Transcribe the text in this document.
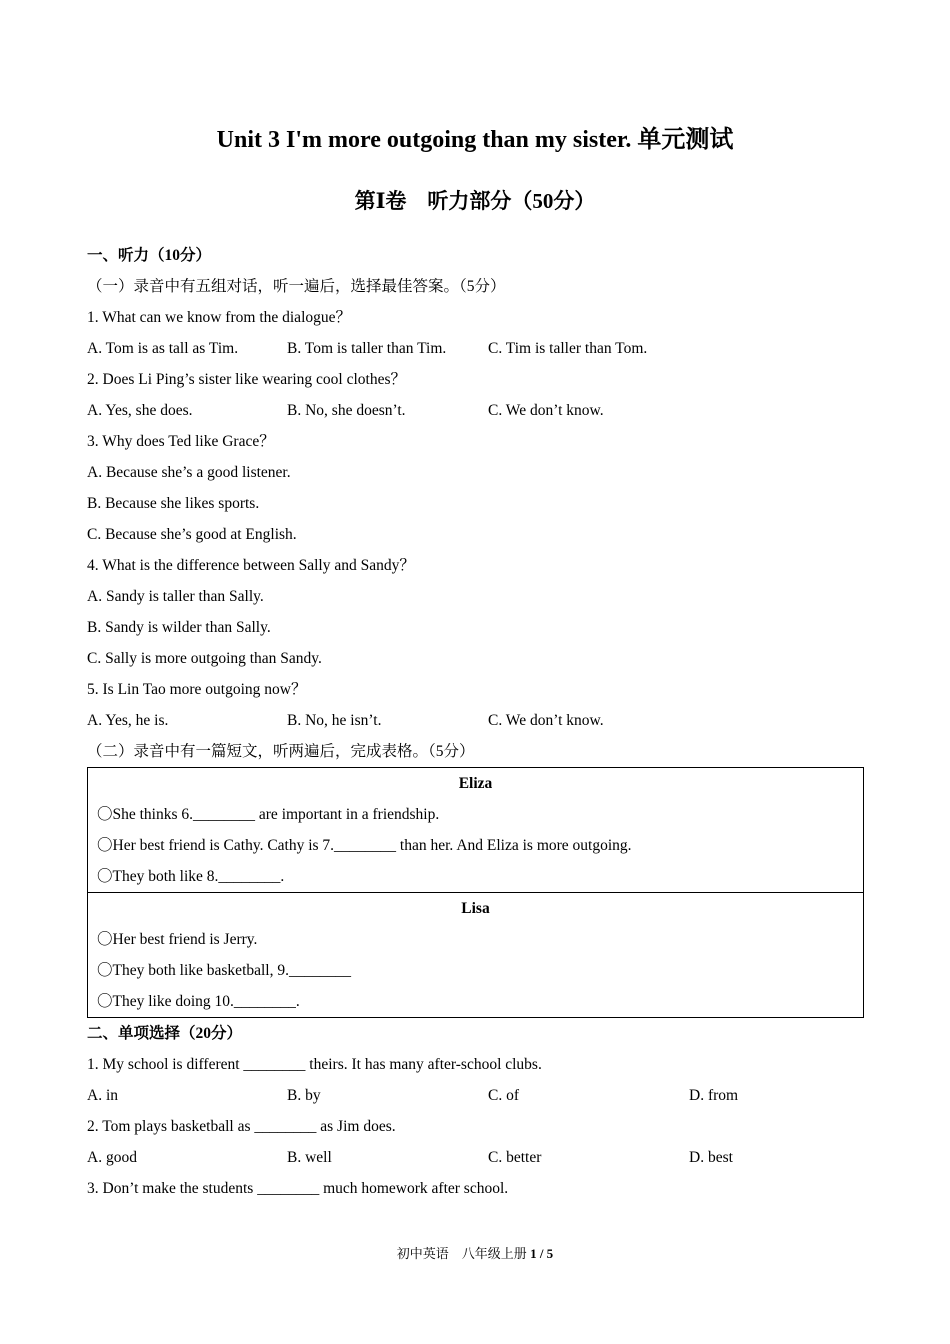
Unit 3 I'm more outgoing than my sister. 单元测试
第Ⅰ卷　听力部分（50分）
一、听力（10分）
（一）录音中有五组对话，听一遍后，选择最佳答案。（5分）
1. What can we know from the dialogue？
A. Tom is as tall as Tim.	B. Tom is taller than Tim.	C. Tim is taller than Tom.
2. Does Li Ping’s sister like wearing cool clothes？
A. Yes, she does.	B. No, she doesn’t.	C. We don’t know.
3. Why does Ted like Grace？
A. Because she’s a good listener.
B. Because she likes sports.
C. Because she’s good at English.
4. What is the difference between Sally and Sandy？
A. Sandy is taller than Sally.
B. Sandy is wilder than Sally.
C. Sally is more outgoing than Sandy.
5. Is Lin Tao more outgoing now？
A. Yes, he is.	B. No, he isn’t.	C. We don’t know.
（二）录音中有一篇短文，听两遍后，完成表格。（5分）
Eliza
〇She thinks 6.________ are important in a friendship.
〇Her best friend is Cathy. Cathy is 7.________ than her. And Eliza is more outgoing.
〇They both like 8.________.

Lisa
〇Her best friend is Jerry.
〇They both like basketball, 9.________
〇They like doing 10.________.
二、单项选择（20分）
1. My school is different ________ theirs. It has many after-school clubs.
A. in	B. by	C. of	D. from
2. Tom plays basketball as ________ as Jim does.
A. good	B. well	C. better	D. best
3. Don’t make the students ________ much homework after school.
初中英语　八年级上册 1 / 5
